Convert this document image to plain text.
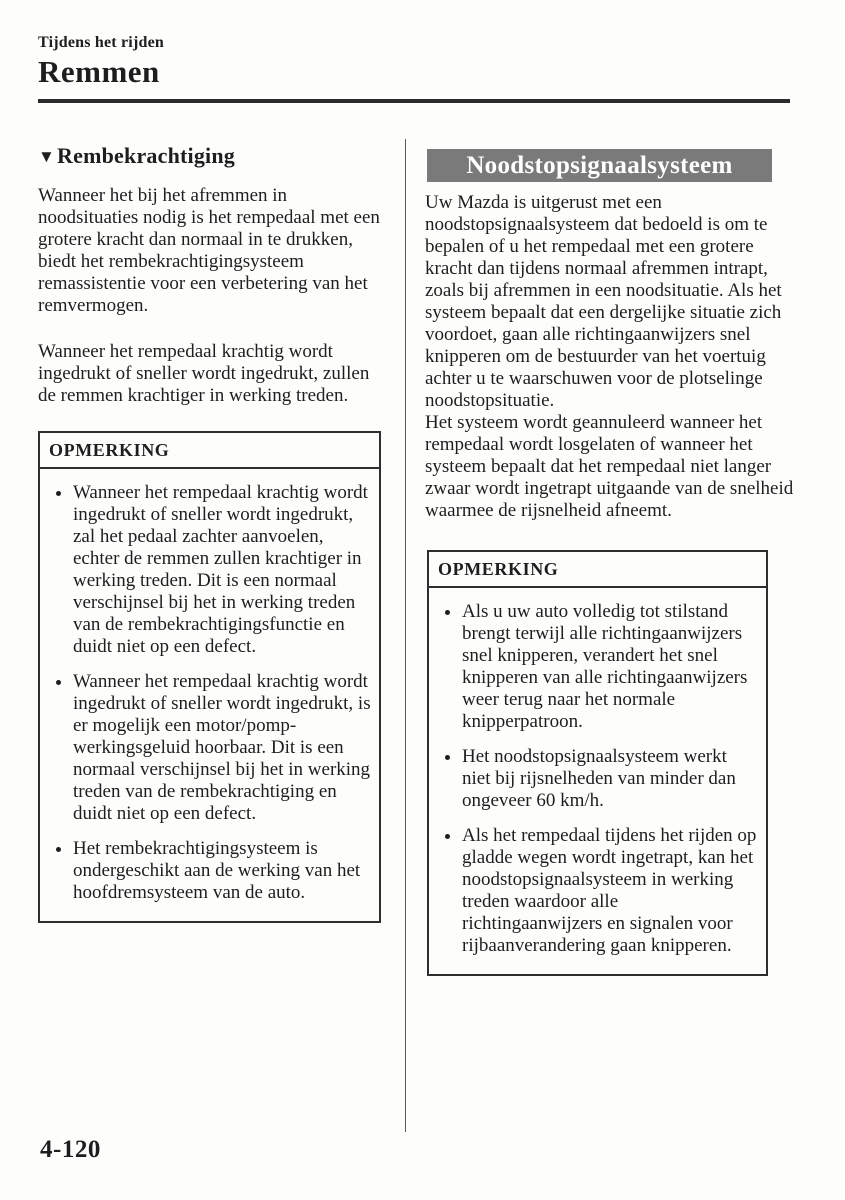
Tijdens het rijden
Remmen
▼Rembekrachtiging

Wanneer het bij het afremmen in noodsituaties nodig is het rempedaal met een grotere kracht dan normaal in te drukken, biedt het rembekrachtigingsysteem remassistentie voor een verbetering van het remvermogen.

Wanneer het rempedaal krachtig wordt ingedrukt of sneller wordt ingedrukt, zullen de remmen krachtiger in werking treden.

OPMERKING
• Wanneer het rempedaal krachtig wordt ingedrukt of sneller wordt ingedrukt, zal het pedaal zachter aanvoelen, echter de remmen zullen krachtiger in werking treden. Dit is een normaal verschijnsel bij het in werking treden van de rembekrachtigingsfunctie en duidt niet op een defect.
• Wanneer het rempedaal krachtig wordt ingedrukt of sneller wordt ingedrukt, is er mogelijk een motor/pomp-werkingsgeluid hoorbaar. Dit is een normaal verschijnsel bij het in werking treden van de rembekrachtiging en duidt niet op een defect.
• Het rembekrachtigingsysteem is ondergeschikt aan de werking van het hoofdremsysteem van de auto.
Noodstopsignaalsysteem

Uw Mazda is uitgerust met een noodstopsignaalsysteem dat bedoeld is om te bepalen of u het rempedaal met een grotere kracht dan tijdens normaal afremmen intrapt, zoals bij afremmen in een noodsituatie. Als het systeem bepaalt dat een dergelijke situatie zich voordoet, gaan alle richtingaanwijzers snel knipperen om de bestuurder van het voertuig achter u te waarschuwen voor de plotselinge noodstopsituatie.

Het systeem wordt geannuleerd wanneer het rempedaal wordt losgelaten of wanneer het systeem bepaalt dat het rempedaal niet langer zwaar wordt ingetrapt uitgaande van de snelheid waarmee de rijsnelheid afneemt.

OPMERKING
• Als u uw auto volledig tot stilstand brengt terwijl alle richtingaanwijzers snel knipperen, verandert het snel knipperen van alle richtingaanwijzers weer terug naar het normale knipperpatroon.
• Het noodstopsignaalsysteem werkt niet bij rijsnelheden van minder dan ongeveer 60 km/h.
• Als het rempedaal tijdens het rijden op gladde wegen wordt ingetrapt, kan het noodstopsignaalsysteem in werking treden waardoor alle richtingaanwijzers en signalen voor rijbaanverandering gaan knipperen.
4-120
